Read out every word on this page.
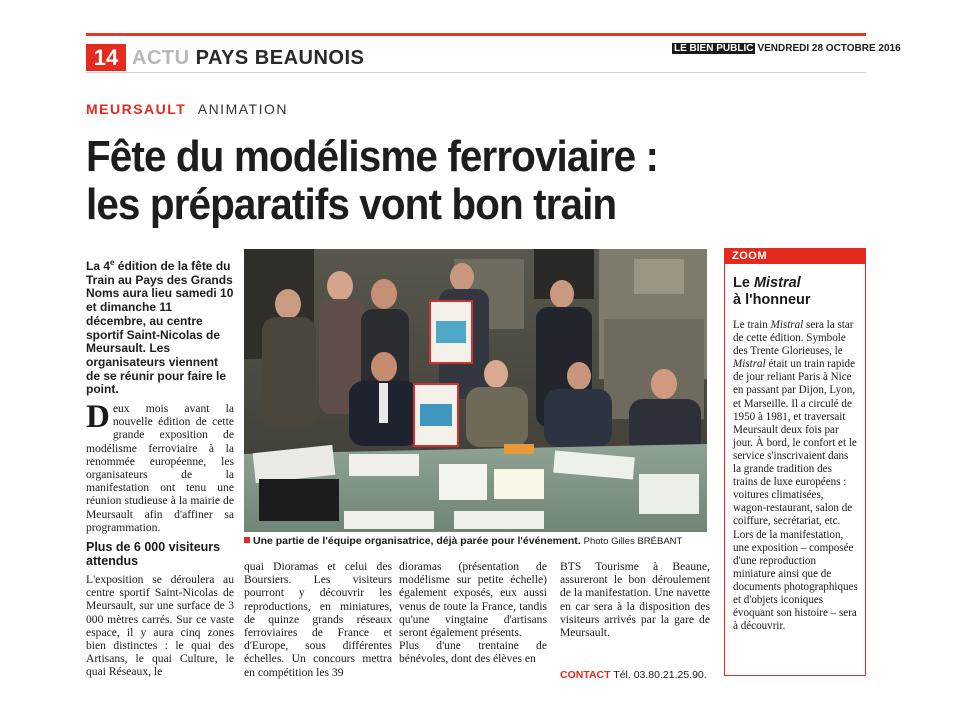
14 ACTU PAYS BEAUNOIS	LE BIEN PUBLIC VENDREDI 28 OCTOBRE 2016
MEURSAULT ANIMATION
Fête du modélisme ferroviaire :
les préparatifs vont bon train
La 4e édition de la fête du Train au Pays des Grands Noms aura lieu samedi 10 et dimanche 11 décembre, au centre sportif Saint-Nicolas de Meursault. Les organisateurs viennent de se réunir pour faire le point.
Deux mois avant la nouvelle édition de cette grande exposition de modélisme ferroviaire à la renommée européenne, les organisateurs de la manifestation ont tenu une réunion studieuse à la mairie de Meursault afin d'affiner sa programmation.
Plus de 6 000 visiteurs attendus
L'exposition se déroulera au centre sportif Saint-Nicolas de Meursault, sur une surface de 3 000 mètres carrés. Sur ce vaste espace, il y aura cinq zones bien distinctes : le quai des Artisans, le quai Culture, le quai Réseaux, le
Une partie de l'équipe organisatrice, déjà parée pour l'événement. Photo Gilles BRÉBANT
quai Dioramas et celui des Boursiers. Les visiteurs pourront y découvrir les reproductions, en miniatures, de quinze grands réseaux ferroviaires de France et d'Europe, sous différentes échelles. Un concours mettra en compétition les 39
dioramas (présentation de modélisme sur petite échelle) également exposés, eux aussi venus de toute la France, tandis qu'une vingtaine d'artisans seront également présents.
Plus d'une trentaine de bénévoles, dont des élèves en
BTS Tourisme à Beaune, assureront le bon déroulement de la manifestation. Une navette en car sera à la disposition des visiteurs arrivés par la gare de Meursault.
CONTACT Tél. 03.80.21.25.90.
ZOOM
Le Mistral
à l'honneur
Le train Mistral sera la star de cette édition. Symbole des Trente Glorieuses, le Mistral était un train rapide de jour reliant Paris à Nice en passant par Dijon, Lyon, et Marseille. Il a circulé de 1950 à 1981, et traversait Meursault deux fois par jour. À bord, le confort et le service s'inscrivaient dans la grande tradition des trains de luxe européens : voitures climatisées, wagon-restaurant, salon de coiffure, secrétariat, etc. Lors de la manifestation, une exposition – composée d'une reproduction miniature ainsi que de documents photographiques et d'objets iconiques évoquant son histoire – sera à découvrir.
